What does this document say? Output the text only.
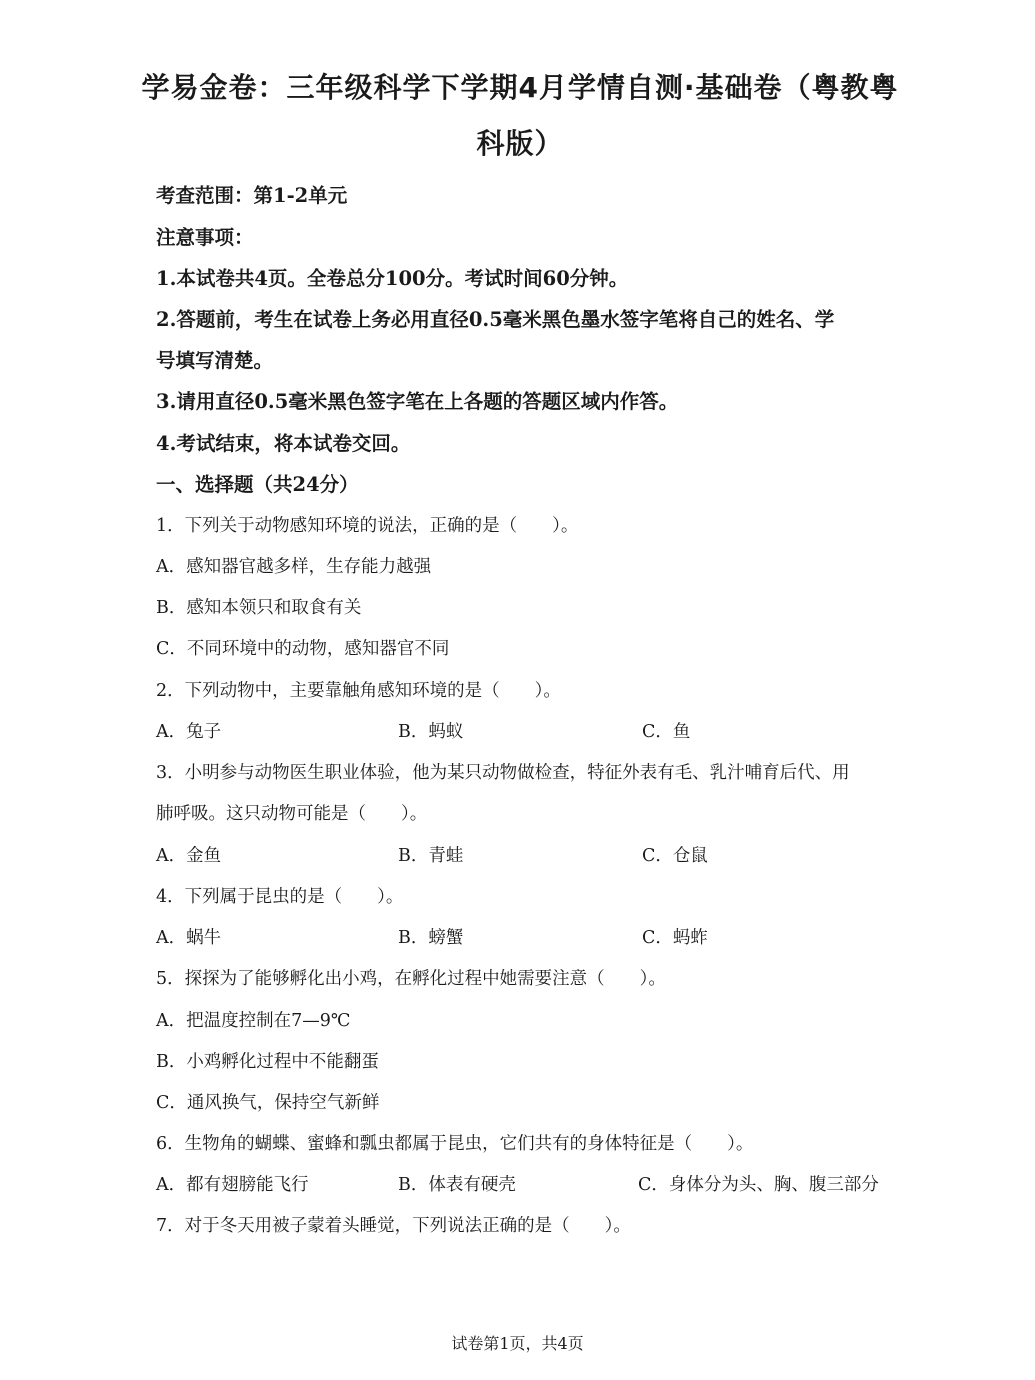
学易金卷：三年级科学下学期4月学情自测·基础卷（粤教粤
科版）
考查范围：第1-2单元
注意事项：
1.本试卷共4页。全卷总分100分。考试时间60分钟。
2.答题前，考生在试卷上务必用直径0.5毫米黑色墨水签字笔将自己的姓名、学
号填写清楚。
3.请用直径0.5毫米黑色签字笔在上各题的答题区域内作答。
4.考试结束，将本试卷交回。
一、选择题（共24分）
1．下列关于动物感知环境的说法，正确的是（　　）。
A．感知器官越多样，生存能力越强
B．感知本领只和取食有关
C．不同环境中的动物，感知器官不同
2．下列动物中，主要靠触角感知环境的是（　　）。
A．兔子	B．蚂蚁	C．鱼
3．小明参与动物医生职业体验，他为某只动物做检查，特征外表有毛、乳汁哺育后代、用
肺呼吸。这只动物可能是（　　）。
A．金鱼	B．青蛙	C．仓鼠
4．下列属于昆虫的是（　　）。
A．蜗牛	B．螃蟹	C．蚂蚱
5．探探为了能够孵化出小鸡，在孵化过程中她需要注意（　　）。
A．把温度控制在7—9℃
B．小鸡孵化过程中不能翻蛋
C．通风换气，保持空气新鲜
6．生物角的蝴蝶、蜜蜂和瓢虫都属于昆虫，它们共有的身体特征是（　　）。
A．都有翅膀能飞行	B．体表有硬壳	C．身体分为头、胸、腹三部分
7．对于冬天用被子蒙着头睡觉，下列说法正确的是（　　）。
试卷第1页，共4页
